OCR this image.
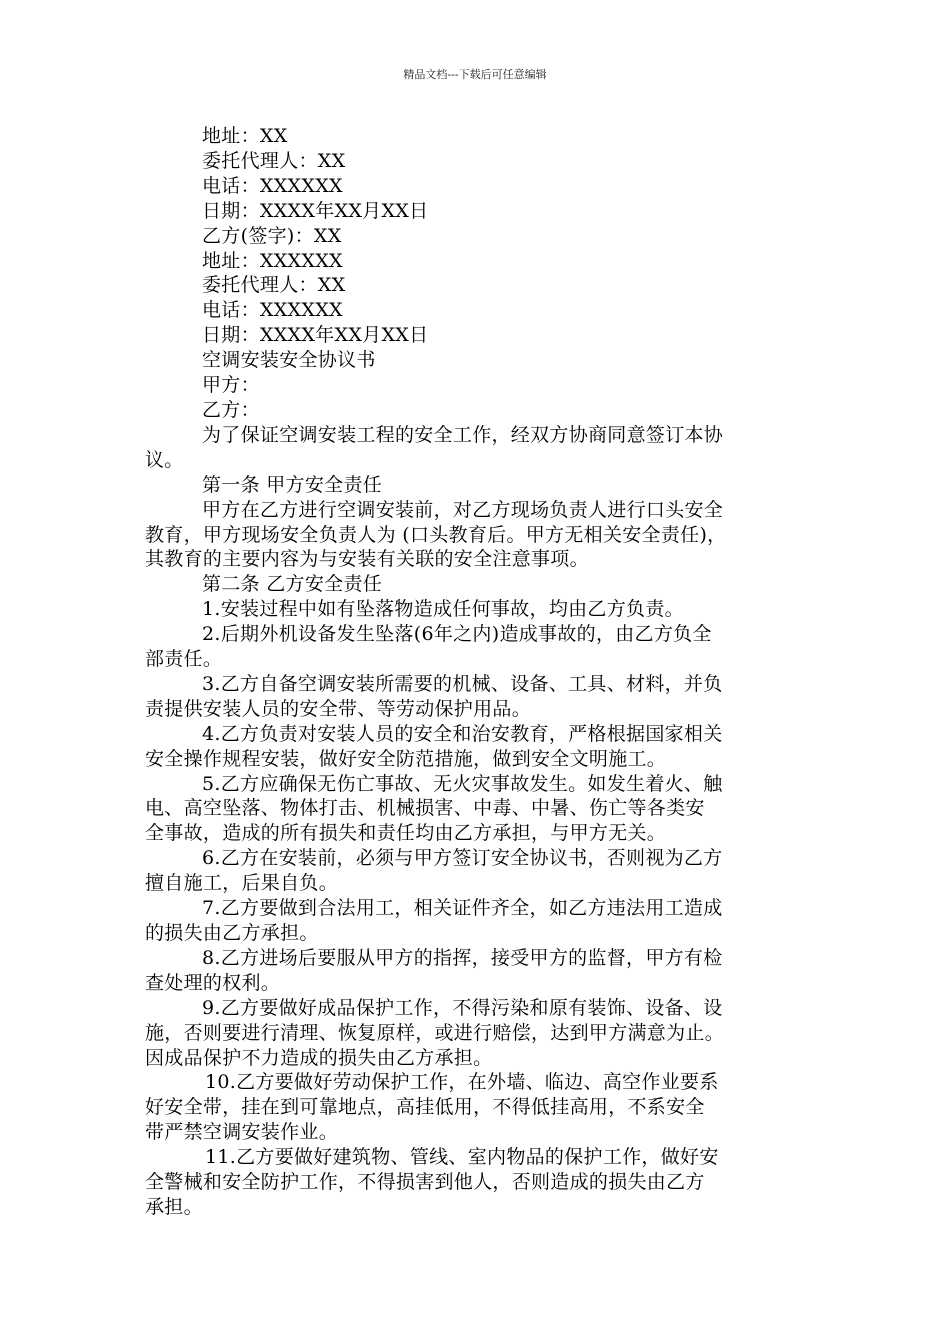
精品文档---下载后可任意编辑

地址：XX

委托代理人：XX

电话：XXXXXX

日期：XXXX年XX月XX日

乙方(签字)：XX

地址：XXXXXX

委托代理人：XX

电话：XXXXXX

日期：XXXX年XX月XX日

空调安装安全协议书

甲方：

乙方：

为了保证空调安装工程的安全工作，经双方协商同意签订本协

议。

第一条 甲方安全责任

甲方在乙方进行空调安装前，对乙方现场负责人进行口头安全

教育，甲方现场安全负责人为 (口头教育后。甲方无相关安全责任)，

其教育的主要内容为与安装有关联的安全注意事项。

第二条 乙方安全责任

1.安装过程中如有坠落物造成任何事故，均由乙方负责。

2.后期外机设备发生坠落(6年之内)造成事故的，由乙方负全

部责任。

3.乙方自备空调安装所需要的机械、设备、工具、材料，并负

责提供安装人员的安全带、等劳动保护用品。

4.乙方负责对安装人员的安全和治安教育，严格根据国家相关

安全操作规程安装，做好安全防范措施，做到安全文明施工。

5.乙方应确保无伤亡事故、无火灾事故发生。如发生着火、触

电、高空坠落、物体打击、机械损害、中毒、中暑、伤亡等各类安

全事故，造成的所有损失和责任均由乙方承担，与甲方无关。

6.乙方在安装前，必须与甲方签订安全协议书，否则视为乙方

擅自施工，后果自负。

7.乙方要做到合法用工，相关证件齐全，如乙方违法用工造成

的损失由乙方承担。

8.乙方进场后要服从甲方的指挥，接受甲方的监督，甲方有检

查处理的权利。

9.乙方要做好成品保护工作，不得污染和原有装饰、设备、设

施，否则要进行清理、恢复原样，或进行赔偿，达到甲方满意为止。

因成品保护不力造成的损失由乙方承担。

10.乙方要做好劳动保护工作，在外墙、临边、高空作业要系

好安全带，挂在到可靠地点，高挂低用，不得低挂高用，不系安全

带严禁空调安装作业。

11.乙方要做好建筑物、管线、室内物品的保护工作，做好安

全警械和安全防护工作，不得损害到他人，否则造成的损失由乙方

承担。
